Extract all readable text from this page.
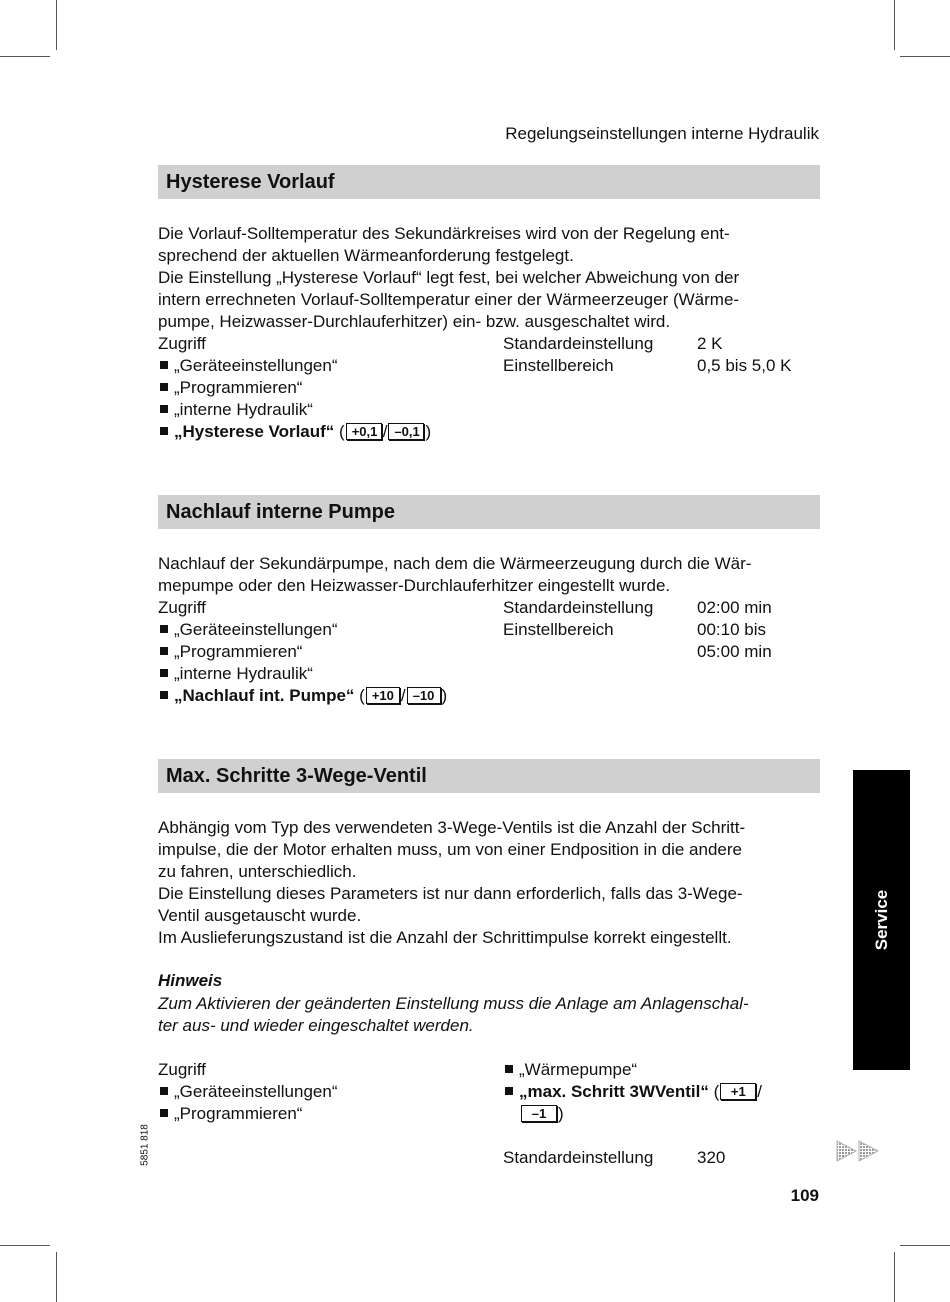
Regelungseinstellungen interne Hydraulik
Hysterese Vorlauf
Die Vorlauf-Solltemperatur des Sekundärkreises wird von der Regelung ent-
sprechend der aktuellen Wärmeanforderung festgelegt.
Die Einstellung „Hysterese Vorlauf“ legt fest, bei welcher Abweichung von der
intern errechneten Vorlauf-Solltemperatur einer der Wärmeerzeuger (Wärme-
pumpe, Heizwasser-Durchlauferhitzer) ein- bzw. ausgeschaltet wird.
Zugriff	Standardeinstellung	2 K
„Geräteeinstellungen“	Einstellbereich	0,5 bis 5,0 K
„Programmieren“
„interne Hydraulik“
„Hysterese Vorlauf“ ( +0,1 / –0,1 )
Nachlauf interne Pumpe
Nachlauf der Sekundärpumpe, nach dem die Wärmeerzeugung durch die Wär-
mepumpe oder den Heizwasser-Durchlauferhitzer eingestellt wurde.
Zugriff	Standardeinstellung	02:00 min
„Geräteeinstellungen“	Einstellbereich	00:10 bis
„Programmieren“	05:00 min
„interne Hydraulik“
„Nachlauf int. Pumpe“ ( +10 / –10 )
Max. Schritte 3-Wege-Ventil
Abhängig vom Typ des verwendeten 3-Wege-Ventils ist die Anzahl der Schritt-
impulse, die der Motor erhalten muss, um von einer Endposition in die andere
zu fahren, unterschiedlich.
Die Einstellung dieses Parameters ist nur dann erforderlich, falls das 3-Wege-
Ventil ausgetauscht wurde.
Im Auslieferungszustand ist die Anzahl der Schrittimpulse korrekt eingestellt.
Hinweis
Zum Aktivieren der geänderten Einstellung muss die Anlage am Anlagenschal-
ter aus- und wieder eingeschaltet werden.
Zugriff	„Wärmepumpe“
„Geräteeinstellungen“	„max. Schritt 3WVentil“ ( +1 /
„Programmieren“	–1 )
Standardeinstellung	320
Service
5851 818
109
